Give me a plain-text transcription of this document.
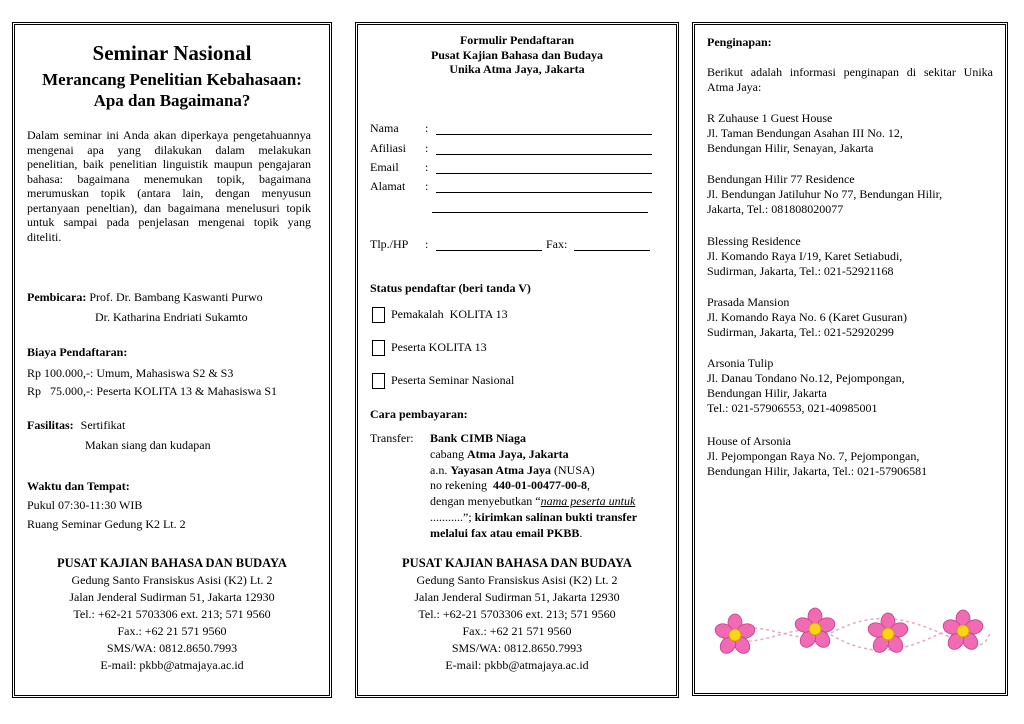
Seminar Nasional
Merancang Penelitian Kebahasaan:
Apa dan Bagaimana?
Dalam seminar ini Anda akan diperkaya pengetahuannya mengenai apa yang dilakukan dalam melakukan penelitian, baik penelitian linguistik maupun pengajaran bahasa: bagaimana menemukan topik, bagaimana merumuskan topik (antara lain, dengan menyusun pertanyaan peneltian), dan bagaimana menelusuri topik untuk sampai pada penjelasan mengenai topik yang diteliti.
Pembicara: Prof. Dr. Bambang Kaswanti Purwo
Dr. Katharina Endriati Sukamto
Biaya Pendaftaran:
Rp 100.000,-: Umum, Mahasiswa S2 & S3
Rp   75.000,-: Peserta KOLITA 13 & Mahasiswa S1
Fasilitas: Sertifikat
Makan siang dan kudapan
Waktu dan Tempat:
Pukul 07:30-11:30 WIB
Ruang Seminar Gedung K2 Lt. 2
PUSAT KAJIAN BAHASA DAN BUDAYA
Gedung Santo Fransiskus Asisi (K2) Lt. 2
Jalan Jenderal Sudirman 51, Jakarta 12930
Tel.: +62-21 5703306 ext. 213; 571 9560
Fax.: +62 21 571 9560
SMS/WA: 0812.8650.7993
E-mail: pkbb@atmajaya.ac.id
Formulir Pendaftaran
Pusat Kajian Bahasa dan Budaya
Unika Atma Jaya, Jakarta
Nama :
Afiliasi :
Email :
Alamat :
Tlp./HP :	Fax:
Status pendaftar (beri tanda V)
Pemakalah  KOLITA 13
Peserta KOLITA 13
Peserta Seminar Nasional
Cara pembayaran:
Transfer: Bank CIMB Niaga
cabang Atma Jaya, Jakarta
a.n. Yayasan Atma Jaya (NUSA)
no rekening  440-01-00477-00-8,
dengan menyebutkan “nama peserta untuk
...........”; kirimkan salinan bukti transfer
melalui fax atau email PKBB.
PUSAT KAJIAN BAHASA DAN BUDAYA
Gedung Santo Fransiskus Asisi (K2) Lt. 2
Jalan Jenderal Sudirman 51, Jakarta 12930
Tel.: +62-21 5703306 ext. 213; 571 9560
Fax.: +62 21 571 9560
SMS/WA: 0812.8650.7993
E-mail: pkbb@atmajaya.ac.id
Penginapan:
Berikut adalah informasi penginapan di sekitar Unika Atma Jaya:
R Zuhause 1 Guest House
Jl. Taman Bendungan Asahan III No. 12,
Bendungan Hilir, Senayan, Jakarta
Bendungan Hilir 77 Residence
Jl. Bendungan Jatiluhur No 77, Bendungan Hilir,
Jakarta, Tel.: 081808020077
Blessing Residence
Jl. Komando Raya I/19, Karet Setiabudi,
Sudirman, Jakarta, Tel.: 021-52921168
Prasada Mansion
Jl. Komando Raya No. 6 (Karet Gusuran)
Sudirman, Jakarta, Tel.: 021-52920299
Arsonia Tulip
Jl. Danau Tondano No.12, Pejompongan,
Bendungan Hilir, Jakarta
Tel.: 021-57906553, 021-40985001
House of Arsonia
Jl. Pejompongan Raya No. 7, Pejompongan,
Bendungan Hilir, Jakarta, Tel.: 021-57906581
